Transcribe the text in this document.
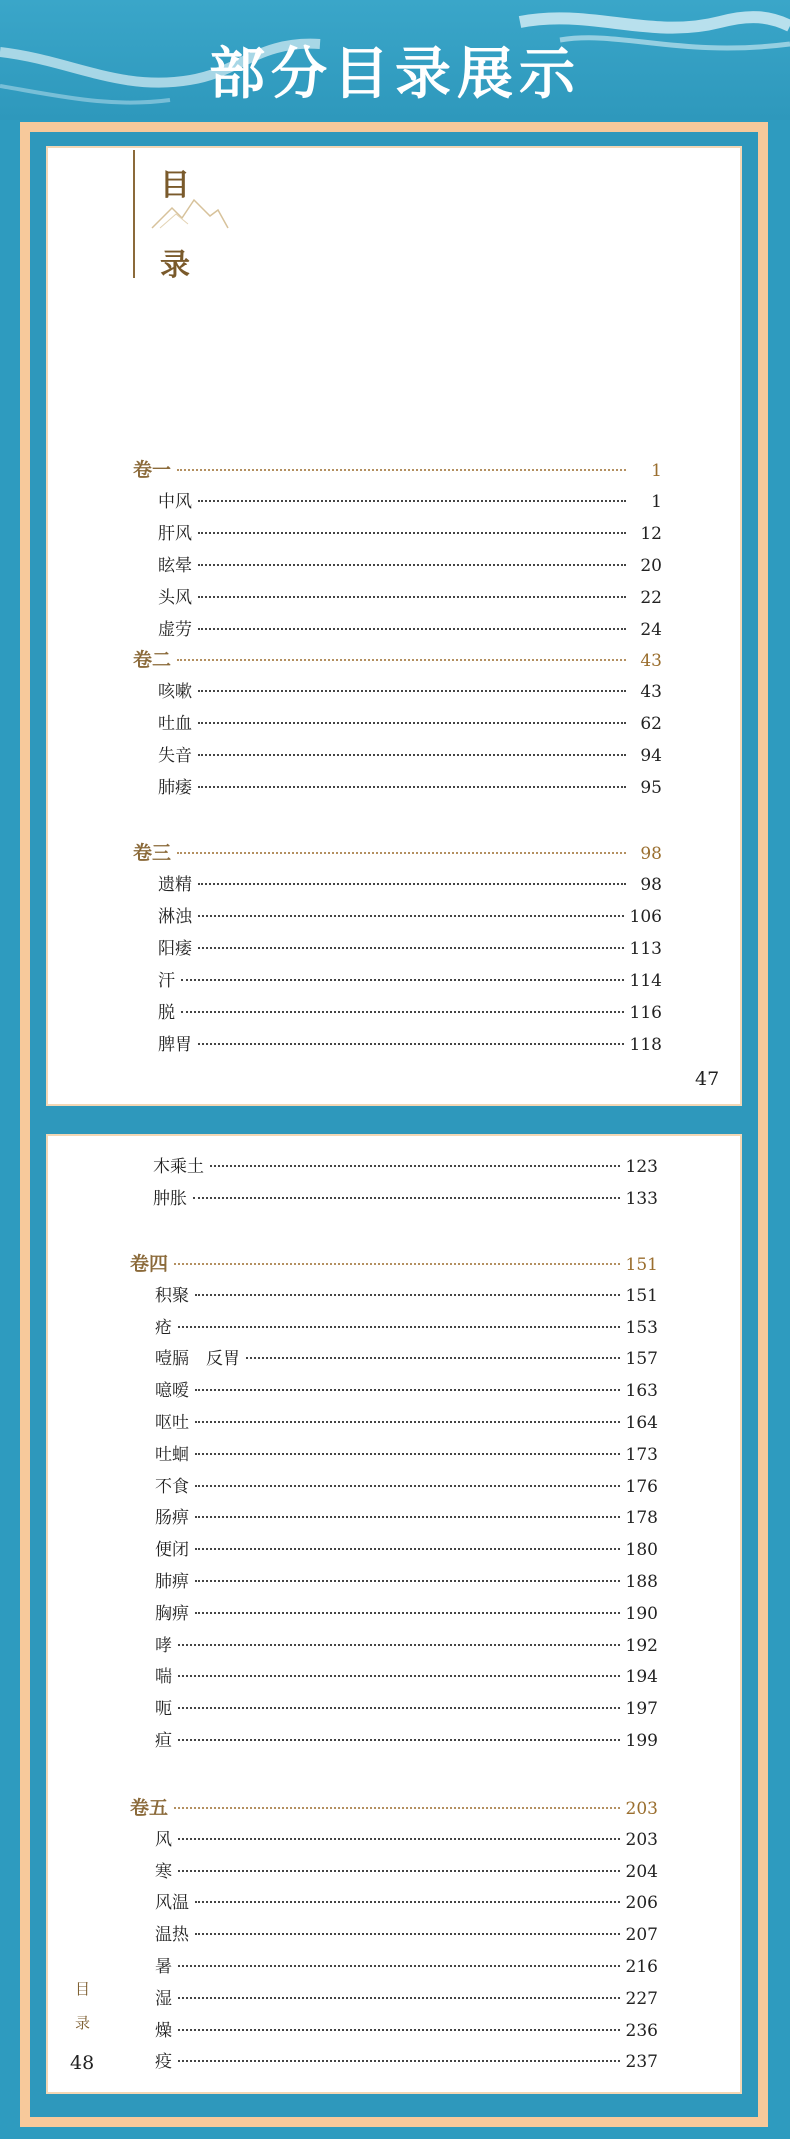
部分目录展示
目
录
卷一	1
中风	1
肝风	12
眩晕	20
头风	22
虚劳	24
卷二	43
咳嗽	43
吐血	62
失音	94
肺痿	95
卷三	98
遗精	98
淋浊	106
阳痿	113
汗	114
脱	116
脾胃	118
木乘土	123
肿胀	133
卷四	151
积聚	151
疮	153
噎膈　反胃	157
噫嗳	163
呕吐	164
吐蛔	173
不食	176
肠痹	178
便闭	180
肺痹	188
胸痹	190
哮	192
喘	194
呃	197
疸	199
卷五	203
风	203
寒	204
风温	206
温热	207
暑	216
湿	227
燥	236
疫	237
47
48
目
录
